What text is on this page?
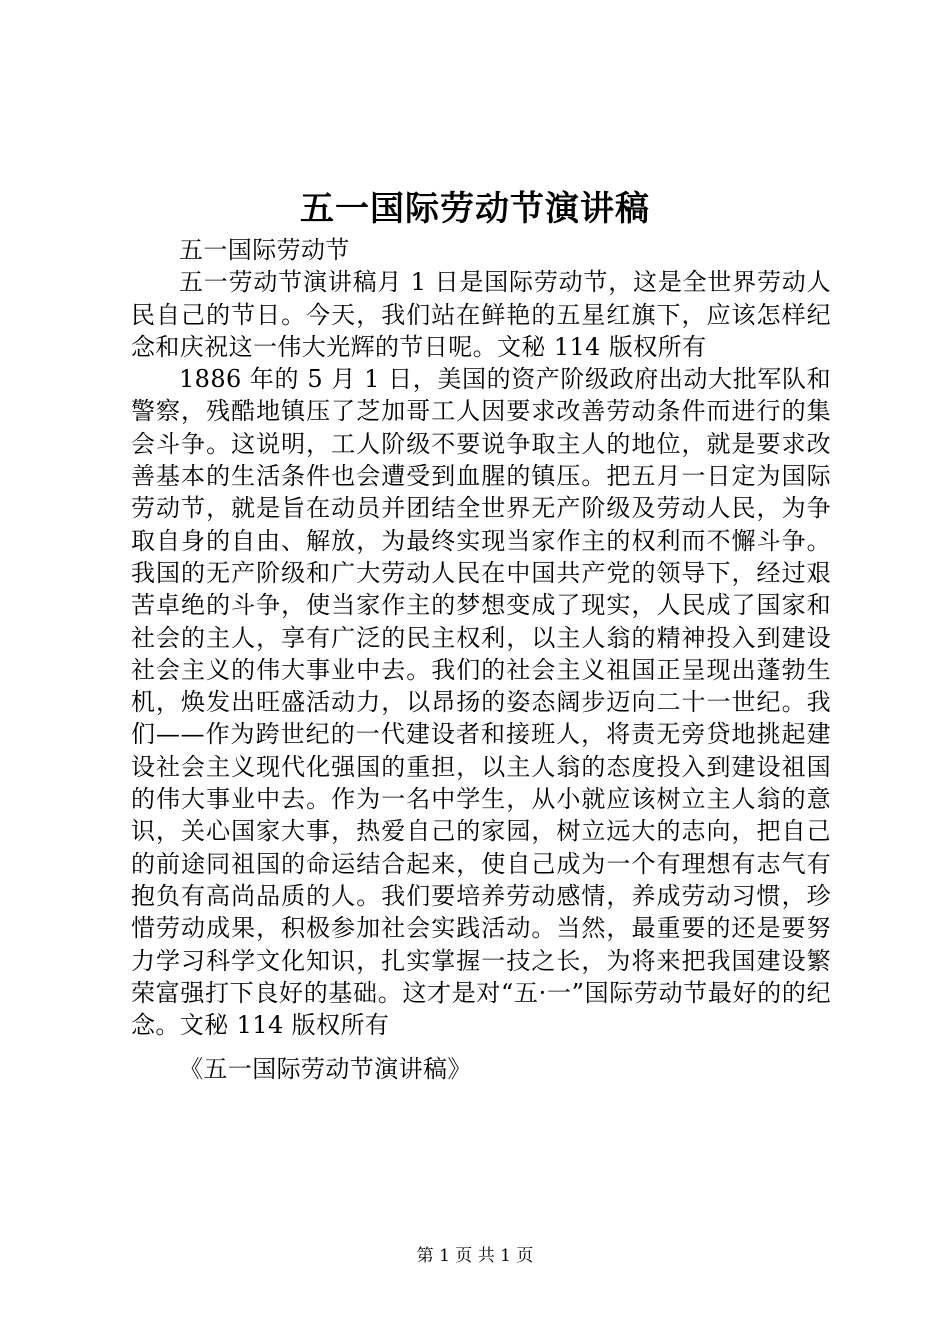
五一国际劳动节演讲稿

五一国际劳动节

五一劳动节演讲稿月 1 日是国际劳动节，这是全世界劳动人民自己的节日。今天，我们站在鲜艳的五星红旗下，应该怎样纪念和庆祝这一伟大光辉的节日呢。文秘 114 版权所有

1886 年的 5 月 1 日，美国的资产阶级政府出动大批军队和警察，残酷地镇压了芝加哥工人因要求改善劳动条件而进行的集会斗争。这说明，工人阶级不要说争取主人的地位，就是要求改善基本的生活条件也会遭受到血腥的镇压。把五月一日定为国际劳动节，就是旨在动员并团结全世界无产阶级及劳动人民，为争取自身的自由、解放，为最终实现当家作主的权利而不懈斗争。我国的无产阶级和广大劳动人民在中国共产党的领导下，经过艰苦卓绝的斗争，使当家作主的梦想变成了现实，人民成了国家和社会的主人，享有广泛的民主权利，以主人翁的精神投入到建设社会主义的伟大事业中去。我们的社会主义祖国正呈现出蓬勃生机，焕发出旺盛活动力，以昂扬的姿态阔步迈向二十一世纪。我们——作为跨世纪的一代建设者和接班人，将责无旁贷地挑起建设社会主义现代化强国的重担，以主人翁的态度投入到建设祖国的伟大事业中去。作为一名中学生，从小就应该树立主人翁的意识，关心国家大事，热爱自己的家园，树立远大的志向，把自己的前途同祖国的命运结合起来，使自己成为一个有理想有志气有抱负有高尚品质的人。我们要培养劳动感情，养成劳动习惯，珍惜劳动成果，积极参加社会实践活动。当然，最重要的还是要努力学习科学文化知识，扎实掌握一技之长，为将来把我国建设繁荣富强打下良好的基础。这才是对“五·一”国际劳动节最好的的纪念。文秘 114 版权所有

《五一国际劳动节演讲稿》

第 1 页 共 1 页
